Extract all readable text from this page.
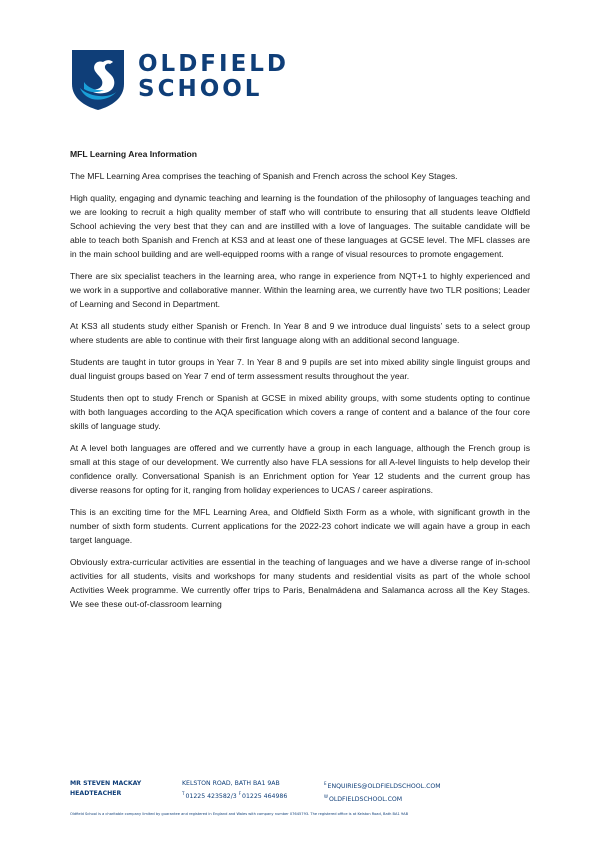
OLDFIELD
SCHOOL
MFL Learning Area Information

The MFL Learning Area comprises the teaching of Spanish and French across the school Key Stages.

High quality, engaging and dynamic teaching and learning is the foundation of the philosophy of languages teaching and we are looking to recruit a high quality member of staff who will contribute to ensuring that all students leave Oldfield School achieving the very best that they can and are instilled with a love of languages. The suitable candidate will be able to teach both Spanish and French at KS3 and at least one of these languages at GCSE level. The MFL classes are in the main school building and are well-equipped rooms with a range of visual resources to promote engagement.

There are six specialist teachers in the learning area, who range in experience from NQT+1 to highly experienced and we work in a supportive and collaborative manner. Within the learning area, we currently have two TLR positions; Leader of Learning and Second in Department.

At KS3 all students study either Spanish or French. In Year 8 and 9 we introduce dual linguists’ sets to a select group where students are able to continue with their first language along with an additional second language.

Students are taught in tutor groups in Year 7. In Year 8 and 9 pupils are set into mixed ability single linguist groups and dual linguist groups based on Year 7 end of term assessment results throughout the year.

Students then opt to study French or Spanish at GCSE in mixed ability groups, with some students opting to continue with both languages according to the AQA specification which covers a range of content and a balance of the four core skills of language study.

At A level both languages are offered and we currently have a group in each language, although the French group is small at this stage of our development. We currently also have FLA sessions for all A-level linguists to help develop their confidence orally. Conversational Spanish is an Enrichment option for Year 12 students and the current group has diverse reasons for opting for it, ranging from holiday experiences to UCAS / career aspirations.

This is an exciting time for the MFL Learning Area, and Oldfield Sixth Form as a whole, with significant growth in the number of sixth form students. Current applications for the 2022-23 cohort indicate we will again have a group in each target language.

Obviously extra-curricular activities are essential in the teaching of languages and we have a diverse range of in-school activities for all students, visits and workshops for many students and residential visits as part of the whole school Activities Week programme. We currently offer trips to Paris, Benalmádena and Salamanca across all the Key Stages. We see these out-of-classroom learning

MR STEVEN MACKAY
HEADTEACHER
KELSTON ROAD, BATH BA1 9AB
$^T$01225 423582/3 $^F$01225 464986
$^E$ENQUIRIES@OLDFIELDSCHOOL.COM
$^W$OLDFIELDSCHOOL.COM
Oldfield School is a charitable company limited by guarantee and registered in England and Wales with company number 07645793. The registered office is at Kelston Road, Bath BA1 9AB
